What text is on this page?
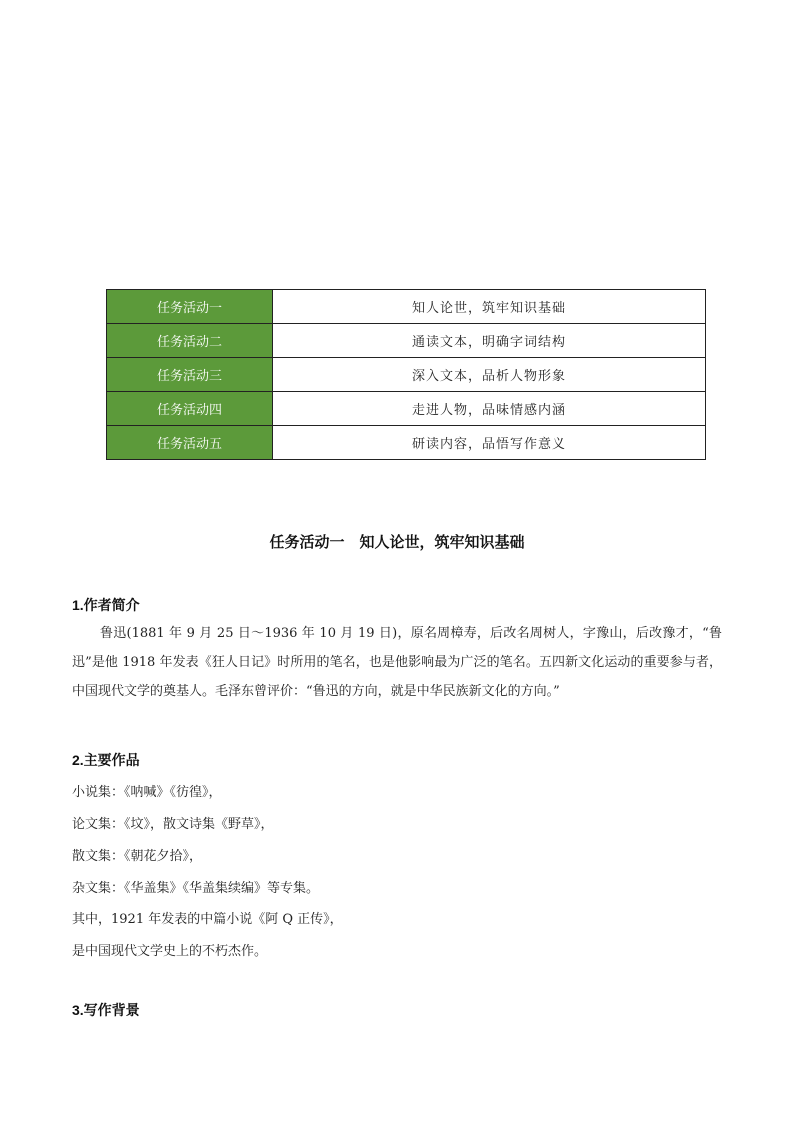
任务活动一	知人论世，筑牢知识基础
任务活动二	通读文本，明确字词结构
任务活动三	深入文本，品析人物形象
任务活动四	走进人物，品味情感内涵
任务活动五	研读内容，品悟写作意义
任务活动一　知人论世，筑牢知识基础
1.作者简介
鲁迅(1881 年 9 月 25 日～1936 年 10 月 19 日)，原名周樟寿，后改名周树人，字豫山，后改豫才，“鲁迅”是他 1918 年发表《狂人日记》时所用的笔名，也是他影响最为广泛的笔名。五四新文化运动的重要参与者，中国现代文学的奠基人。毛泽东曾评价：“鲁迅的方向，就是中华民族新文化的方向。”
2.主要作品
小说集：《呐喊》《彷徨》，
论文集：《坟》，散文诗集《野草》，
散文集：《朝花夕拾》，
杂文集：《华盖集》《华盖集续编》等专集。
其中，1921 年发表的中篇小说《阿 Q 正传》，
是中国现代文学史上的不朽杰作。
3.写作背景
